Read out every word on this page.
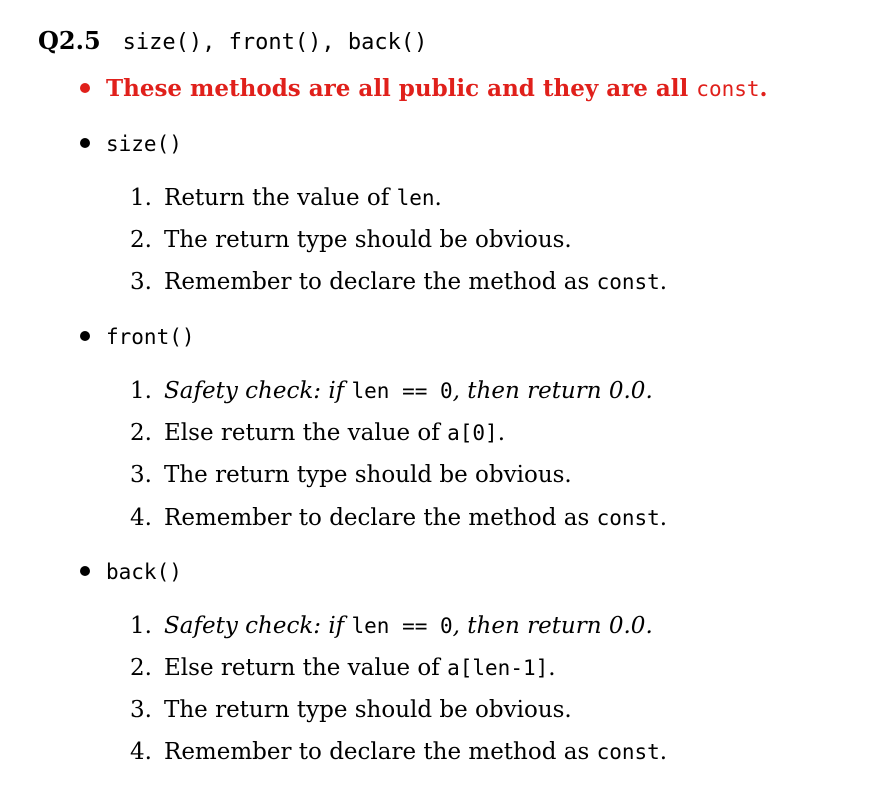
Q2.5 size(), front(), back()
These methods are all public and they are all const.
size()
1. Return the value of len.
2. The return type should be obvious.
3. Remember to declare the method as const.
front()
1. Safety check: if len == 0, then return 0.0.
2. Else return the value of a[0].
3. The return type should be obvious.
4. Remember to declare the method as const.
back()
1. Safety check: if len == 0, then return 0.0.
2. Else return the value of a[len-1].
3. The return type should be obvious.
4. Remember to declare the method as const.
